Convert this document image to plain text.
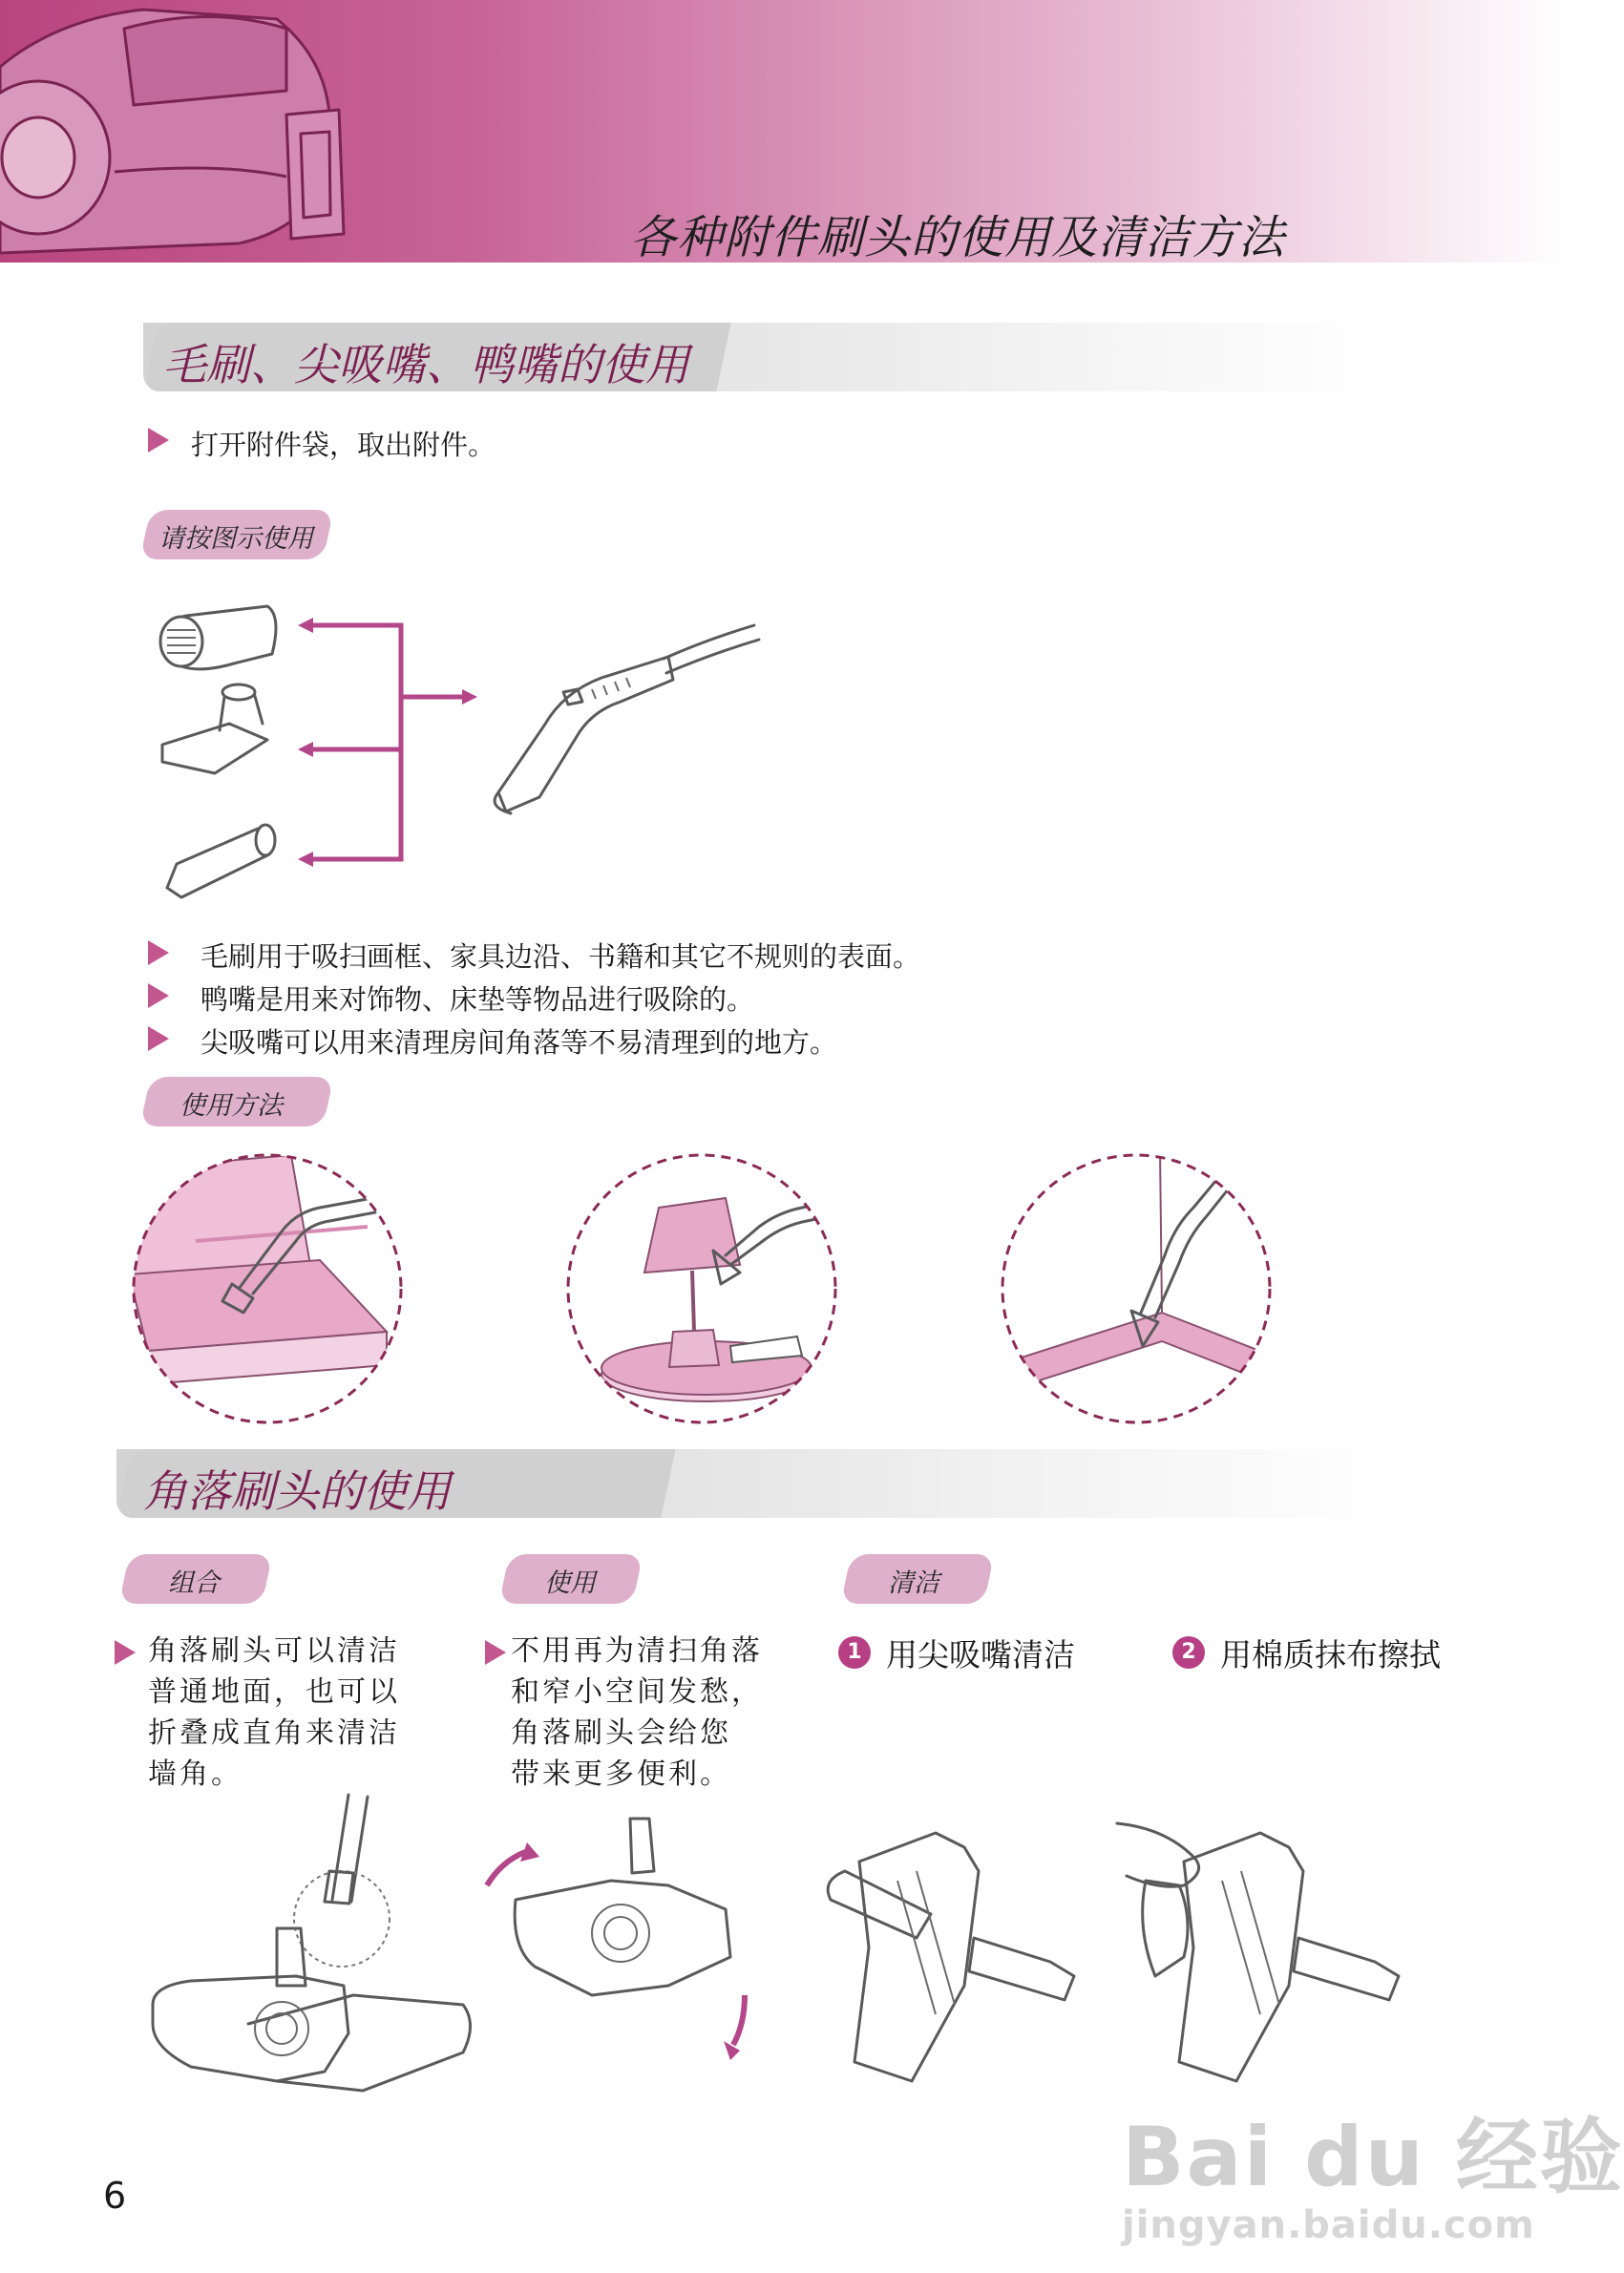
各种附件刷头的使用及清洁方法
毛刷、尖吸嘴、鸭嘴的使用
打开附件袋，取出附件。
请按图示使用
毛刷用于吸扫画框、家具边沿、书籍和其它不规则的表面。
鸭嘴是用来对饰物、床垫等物品进行吸除的。
尖吸嘴可以用来清理房间角落等不易清理到的地方。
使用方法
角落刷头的使用
组合	使用	清洁
角落刷头可以清洁
普通地面，也可以
折叠成直角来清洁
墙角。
不用再为清扫角落
和窄小空间发愁，
角落刷头会给您
带来更多便利。
1 用尖吸嘴清洁	2 用棉质抹布擦拭
6	Bai du 经验
jingyan.baidu.com
